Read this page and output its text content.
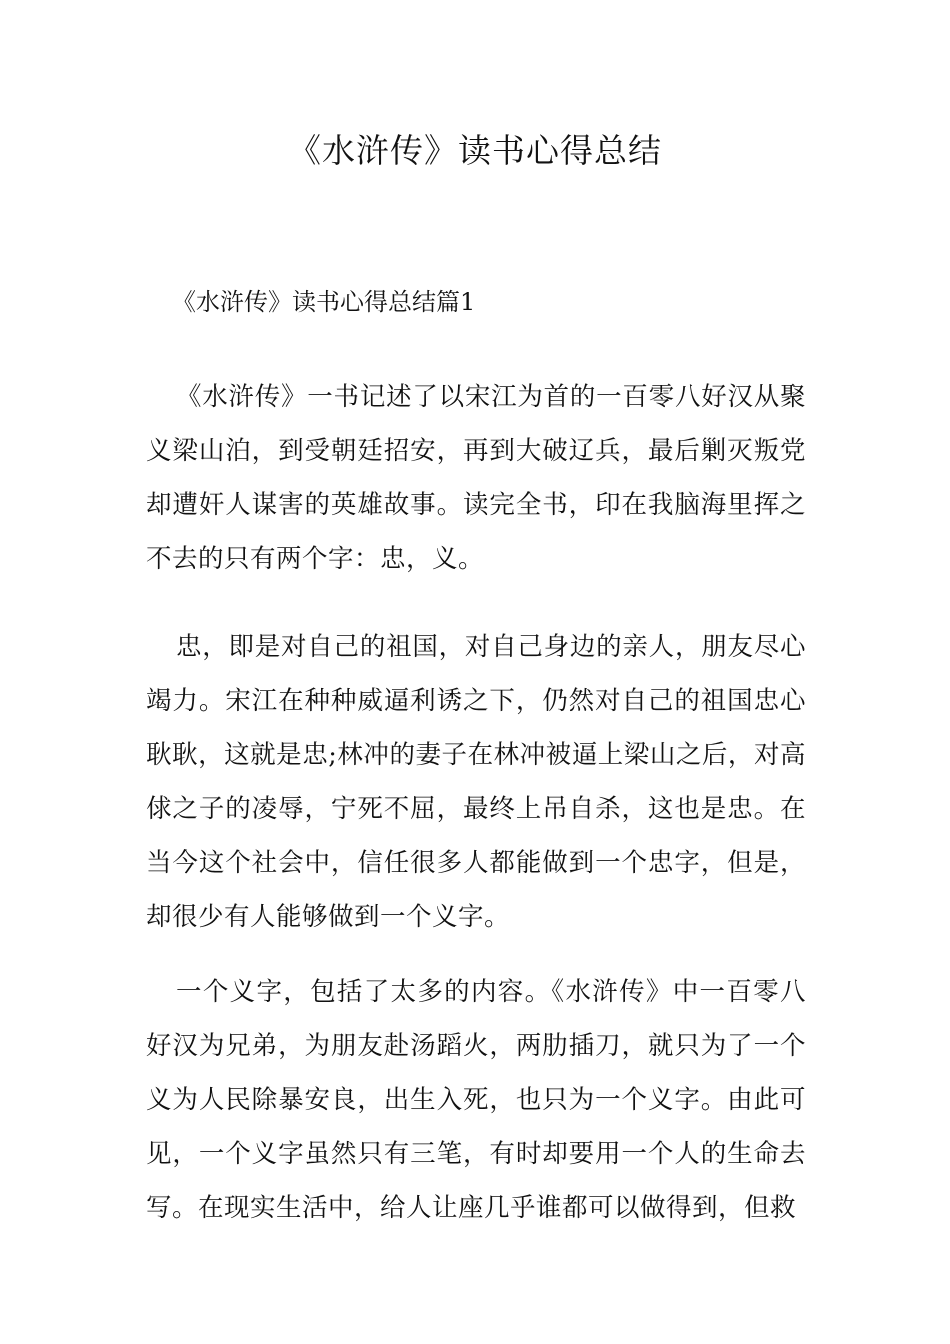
《水浒传》读书心得总结
《水浒传》读书心得总结篇1

《水浒传》一书记述了以宋江为首的一百零八好汉从聚义梁山泊，到受朝廷招安，再到大破辽兵，最后剿灭叛党却遭奸人谋害的英雄故事。读完全书，印在我脑海里挥之不去的只有两个字：忠，义。

忠，即是对自己的祖国，对自己身边的亲人，朋友尽心竭力。宋江在种种威逼利诱之下，仍然对自己的祖国忠心耿耿，这就是忠;林冲的妻子在林冲被逼上梁山之后，对高俅之子的凌辱，宁死不屈，最终上吊自杀，这也是忠。在当今这个社会中，信任很多人都能做到一个忠字，但是，却很少有人能够做到一个义字。

一个义字，包括了太多的内容。《水浒传》中一百零八好汉为兄弟，为朋友赴汤蹈火，两肋插刀，就只为了一个义为人民除暴安良，出生入死，也只为一个义字。由此可见，一个义字虽然只有三笔，有时却要用一个人的生命去写。在现实生活中，给人让座几乎谁都可以做得到，但救
